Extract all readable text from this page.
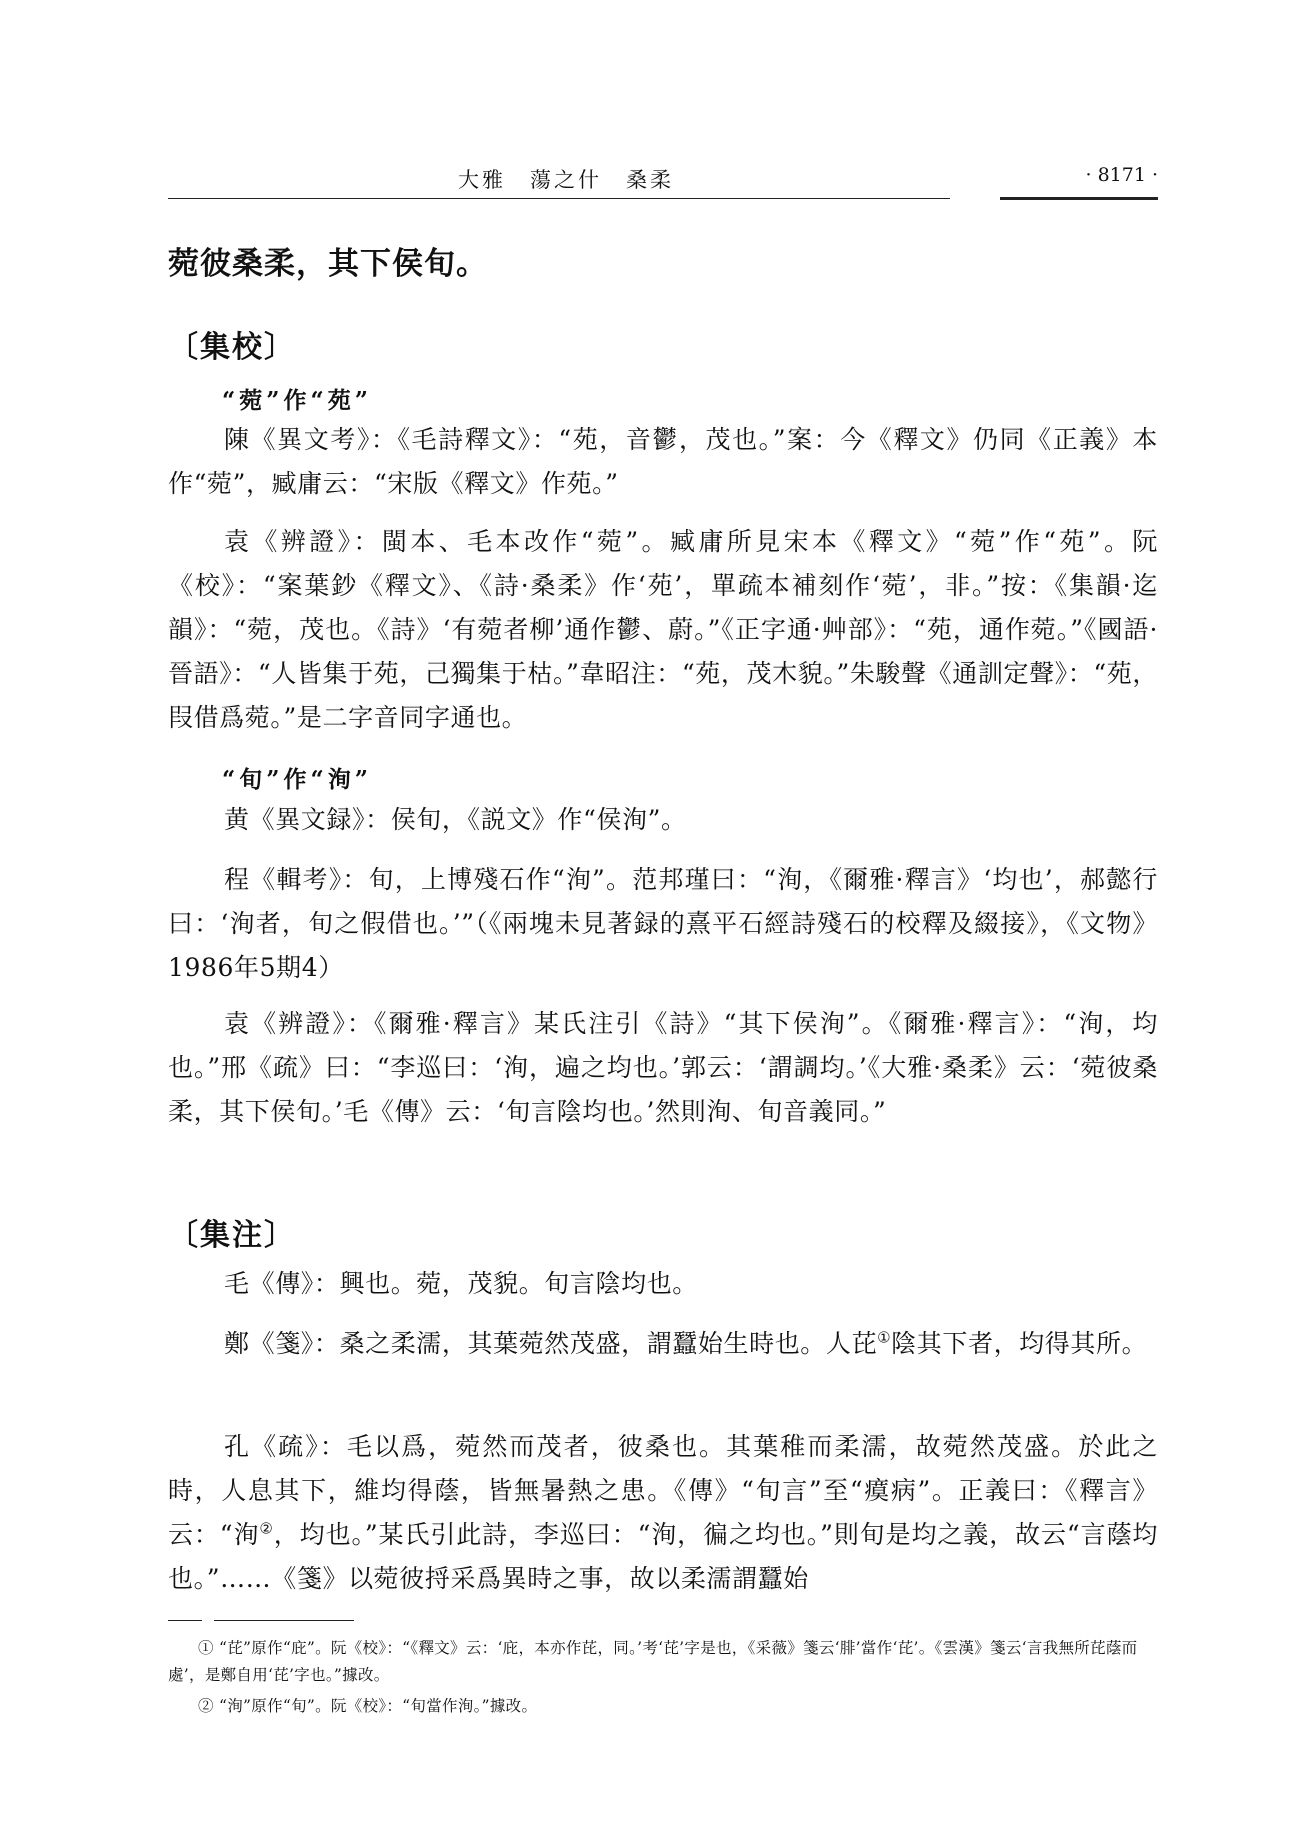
大雅　蕩之什　桑柔	· 8171 ·
菀彼桑柔，其下侯旬。
〔集校〕
“菀”作“苑”
陳《異文考》：《毛詩釋文》：“苑，音鬱，茂也。”案：今《釋文》仍同《正義》本作“菀”，臧庸云：“宋版《釋文》作苑。”
袁《辨證》：閩本、毛本改作“菀”。臧庸所見宋本《釋文》“菀”作“苑”。阮《校》：“案葉鈔《釋文》、《詩·桑柔》作‘苑’，單疏本補刻作‘菀’，非。”按：《集韻·迄韻》：“菀，茂也。《詩》‘有菀者柳’通作鬱、蔚。”《正字通·艸部》：“苑，通作菀。”《國語·晉語》：“人皆集于苑，己獨集于枯。”韋昭注：“苑，茂木貌。”朱駿聲《通訓定聲》：“苑，叚借爲菀。”是二字音同字通也。
“旬”作“洵”
黄《異文録》：侯旬，《説文》作“侯洵”。
程《輯考》：旬，上博殘石作“洵”。范邦瑾曰：“洵，《爾雅·釋言》‘均也’，郝懿行曰：‘洵者，旬之假借也。’”（《兩塊未見著録的熹平石經詩殘石的校釋及綴接》，《文物》1986年5期4）
袁《辨證》：《爾雅·釋言》某氏注引《詩》“其下侯洵”。《爾雅·釋言》：“洵，均也。”邢《疏》曰：“李巡曰：‘洵，遍之均也。’郭云：‘謂調均。’《大雅·桑柔》云：‘菀彼桑柔，其下侯旬。’毛《傳》云：‘旬言陰均也。’然則洵、旬音義同。”
〔集注〕
毛《傳》：興也。菀，茂貌。旬言陰均也。
鄭《箋》：桑之柔濡，其葉菀然茂盛，謂蠶始生時也。人芘①陰其下者，均得其所。
孔《疏》：毛以爲，菀然而茂者，彼桑也。其葉稚而柔濡，故菀然茂盛。於此之時，人息其下，維均得蔭，皆無暑熱之患。《傳》“旬言”至“瘼病”。正義曰：《釋言》云：“洵②，均也。”某氏引此詩，李巡曰：“洵，徧之均也。”則旬是均之義，故云“言蔭均也。”……《箋》以菀彼捋采爲異時之事，故以柔濡謂蠶始
① “芘”原作“庇”。阮《校》：“《釋文》云：‘庇，本亦作芘，同。’考‘芘’字是也，《采薇》箋云‘腓’當作‘芘’。《雲漢》箋云‘言我無所芘蔭而處’，是鄭自用‘芘’字也。”據改。
② “洵”原作“旬”。阮《校》：“旬當作洵。”據改。
